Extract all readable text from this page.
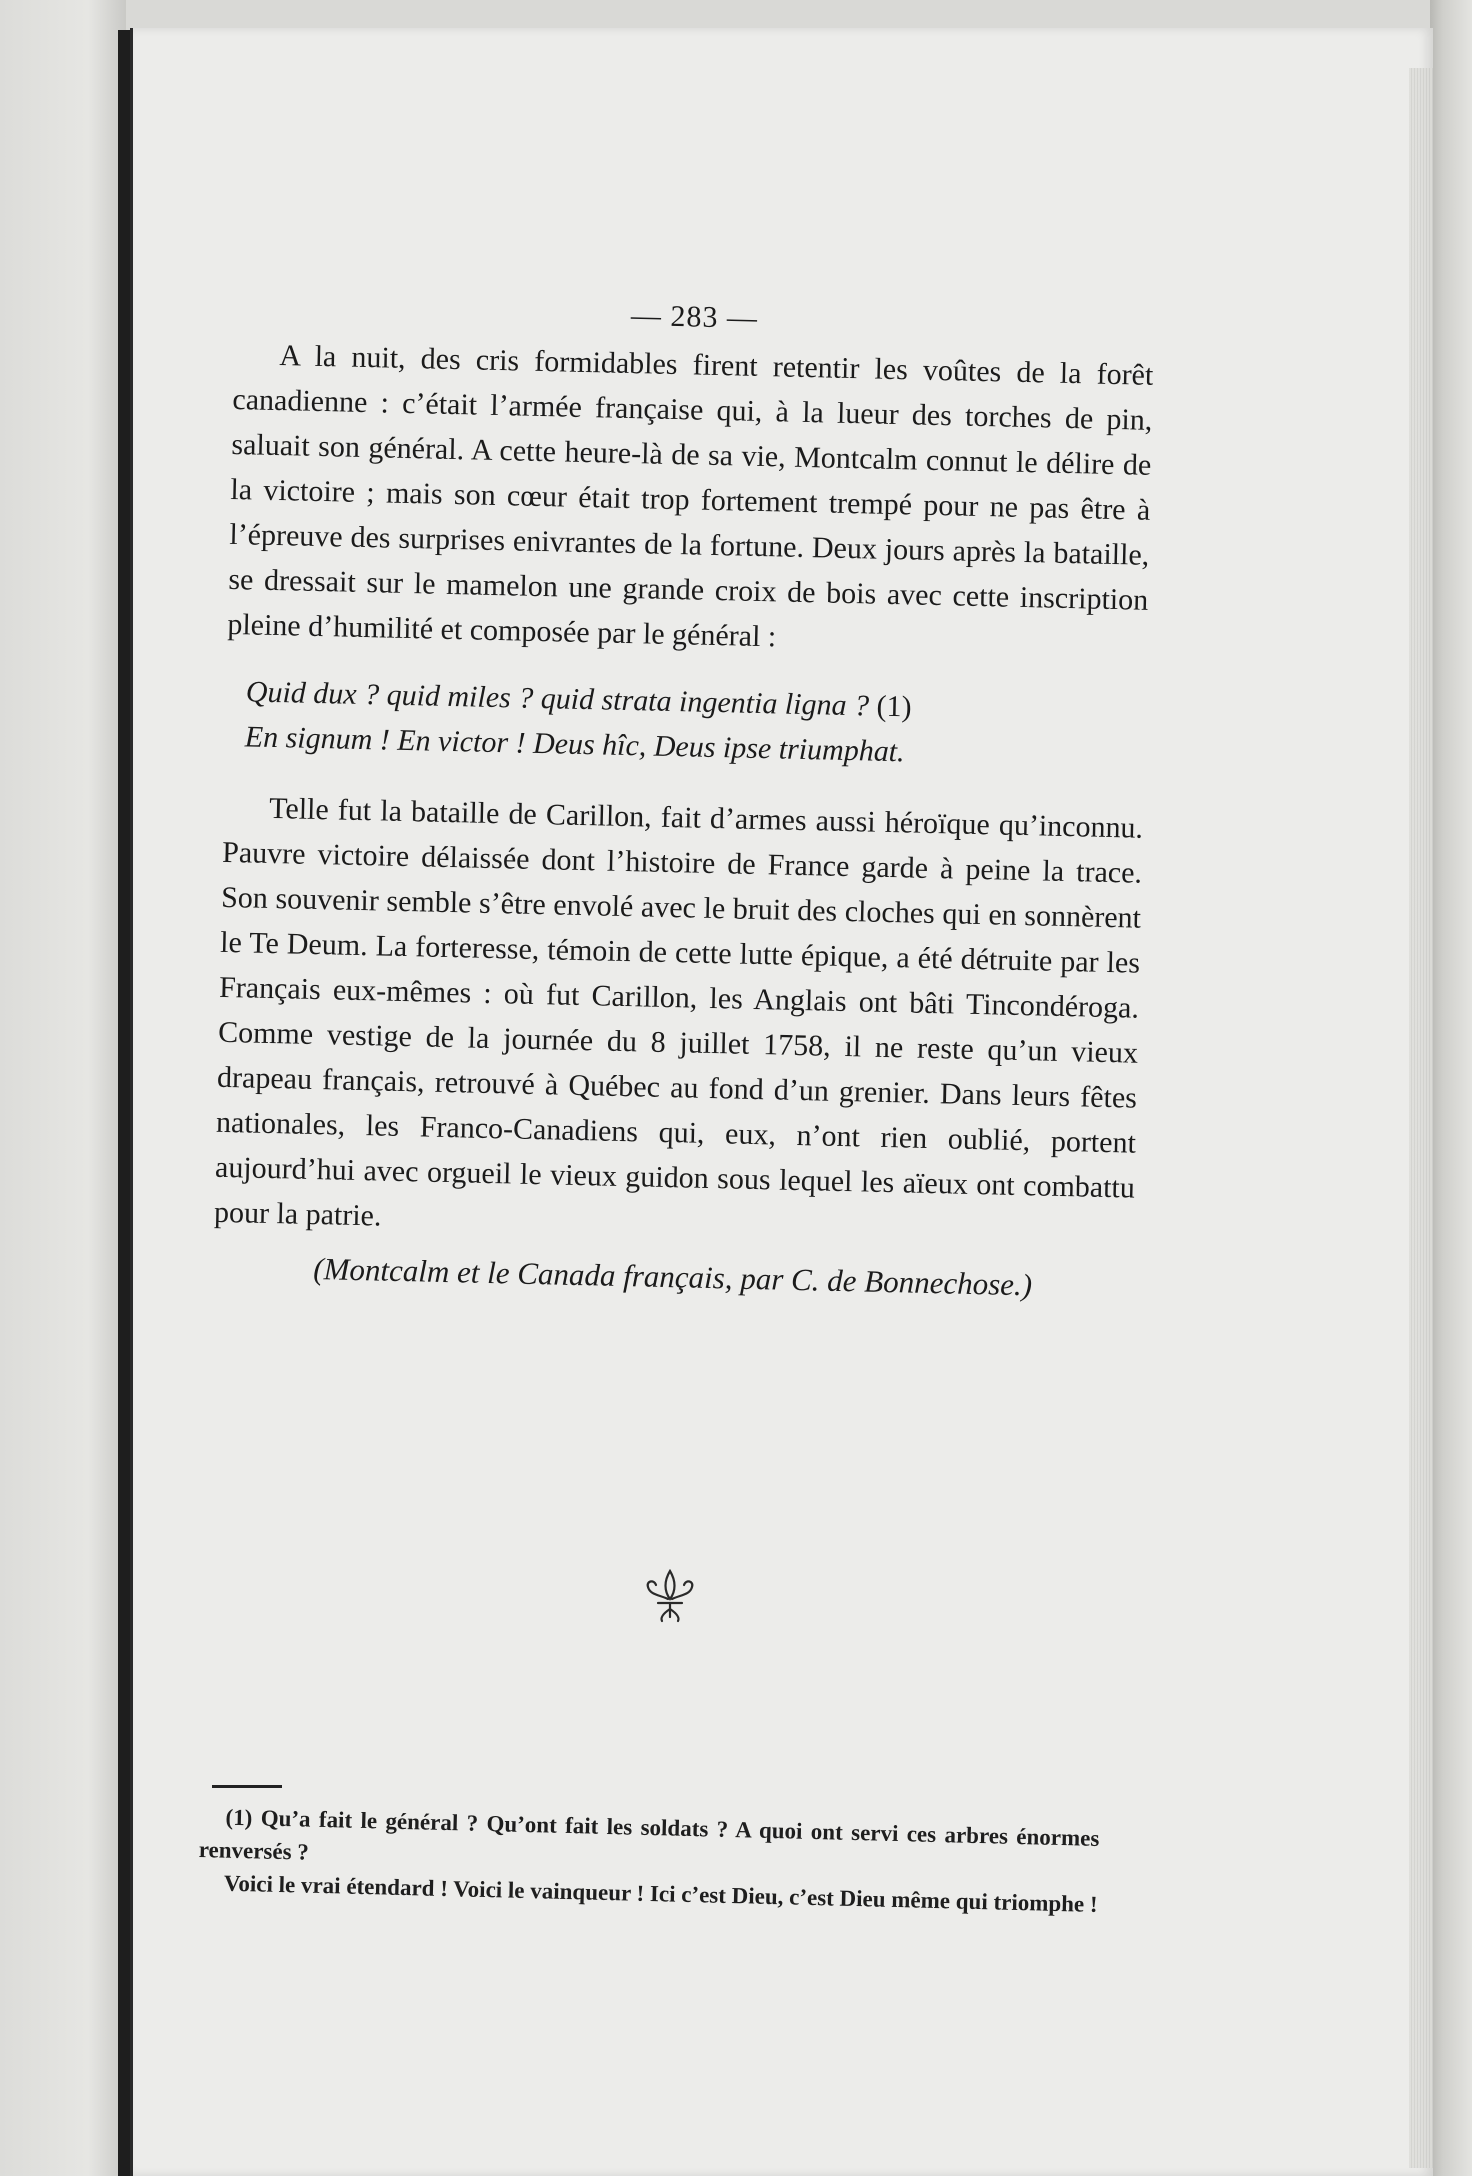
— 283 —

A la nuit, des cris formidables firent retentir les voûtes de la forêt canadienne : c’était l’armée française qui, à la lueur des torches de pin, saluait son général. A cette heure-là de sa vie, Montcalm connut le délire de la victoire ; mais son cœur était trop fortement trempé pour ne pas être à l’épreuve des surprises enivrantes de la fortune. Deux jours après la bataille, se dressait sur le mamelon une grande croix de bois avec cette inscription pleine d’humilité et composée par le général :

Quid dux ? quid miles ? quid strata ingentia ligna ? (1)
En signum ! En victor ! Deus hîc, Deus ipse triumphat.

Telle fut la bataille de Carillon, fait d’armes aussi héroïque qu’inconnu. Pauvre victoire délaissée dont l’histoire de France garde à peine la trace. Son souvenir semble s’être envolé avec le bruit des cloches qui en sonnèrent le Te Deum. La forteresse, témoin de cette lutte épique, a été détruite par les Français eux-mêmes : où fut Carillon, les Anglais ont bâti Tincondéroga. Comme vestige de la journée du 8 juillet 1758, il ne reste qu’un vieux drapeau français, retrouvé à Québec au fond d’un grenier. Dans leurs fêtes nationales, les Franco-Canadiens qui, eux, n’ont rien oublié, portent aujourd’hui avec orgueil le vieux guidon sous lequel les aïeux ont combattu pour la patrie.

(Montcalm et le Canada français, par C. de Bonnechose.)

(1) Qu’a fait le général ? Qu’ont fait les soldats ? A quoi ont servi ces arbres énormes renversés ?

Voici le vrai étendard ! Voici le vainqueur ! Ici c’est Dieu, c’est Dieu même qui triomphe !
